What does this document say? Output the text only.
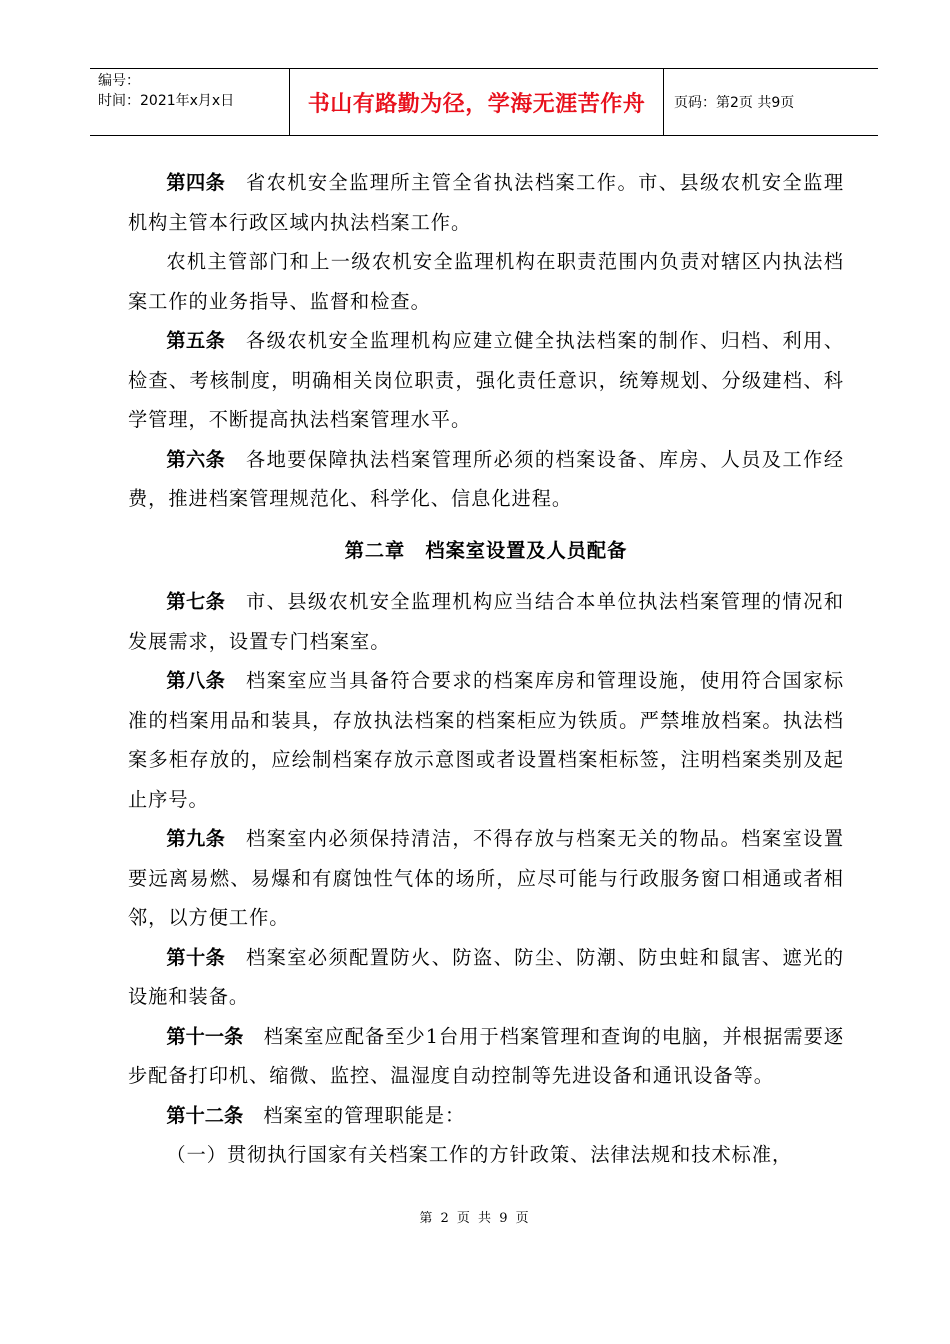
编号：
时间：2021年x月x日	书山有路勤为径，学海无涯苦作舟	页码：第2页 共9页

第四条　 省农机安全监理所主管全省执法档案工作。市、县级农机安全监理机构主管本行政区域内执法档案工作。

农机主管部门和上一级农机安全监理机构在职责范围内负责对辖区内执法档案工作的业务指导、监督和检查。

第五条　 各级农机安全监理机构应建立健全执法档案的制作、归档、利用、检查、考核制度，明确相关岗位职责，强化责任意识，统筹规划、分级建档、科学管理，不断提高执法档案管理水平。

第六条　 各地要保障执法档案管理所必须的档案设备、库房、人员及工作经费，推进档案管理规范化、科学化、信息化进程。

第二章　档案室设置及人员配备

第七条　 市、县级农机安全监理机构应当结合本单位执法档案管理的情况和发展需求，设置专门档案室。

第八条　 档案室应当具备符合要求的档案库房和管理设施，使用符合国家标准的档案用品和装具，存放执法档案的档案柜应为铁质。严禁堆放档案。执法档案多柜存放的，应绘制档案存放示意图或者设置档案柜标签，注明档案类别及起止序号。

第九条　 档案室内必须保持清洁，不得存放与档案无关的物品。档案室设置要远离易燃、易爆和有腐蚀性气体的场所，应尽可能与行政服务窗口相通或者相邻，以方便工作。

第十条　 档案室必须配置防火、防盗、防尘、防潮、防虫蛀和鼠害、遮光的设施和装备。

第十一条　 档案室应配备至少1台用于档案管理和查询的电脑，并根据需要逐步配备打印机、缩微、监控、温湿度自动控制等先进设备和通讯设备等。

第十二条　 档案室的管理职能是：

（一）贯彻执行国家有关档案工作的方针政策、法律法规和技术标准，

第 2 页 共 9 页
